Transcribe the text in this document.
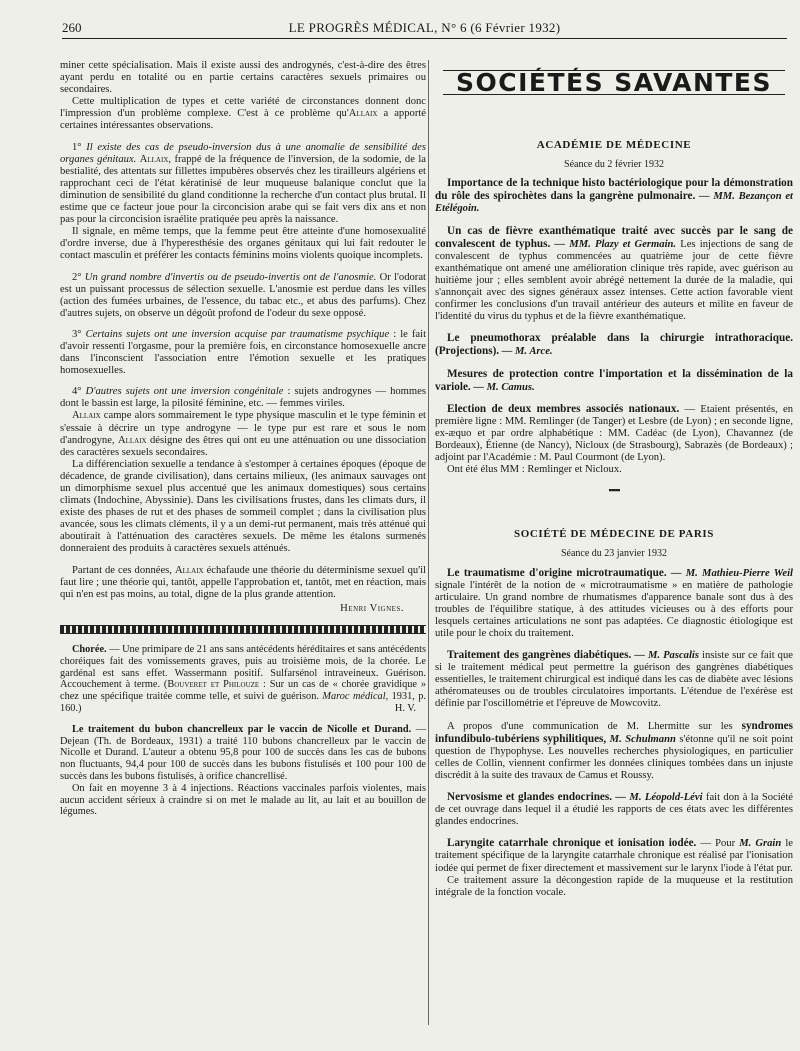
260	LE PROGRÈS MÉDICAL, N° 6 (6 Février 1932)

miner cette spécialisation. Mais il existe aussi des androgynés, c'est-à-dire des êtres ayant perdu en totalité ou en partie certains caractères sexuels primaires ou secondaires.

Cette multiplication de types et cette variété de circonstances donnent donc l'impression d'un problème complexe. C'est à ce problème qu'Allaix a apporté certaines intéressantes observations.

1° Il existe des cas de pseudo-inversion dus à une anomalie de sensibilité des organes génitaux. Allaix, frappé de la fréquence de l'inversion, de la sodomie, de la bestialité, des attentats sur fillettes impubères observés chez les tirailleurs algériens et rapprochant ceci de l'état kératinisé de leur muqueuse balanique conclut que la diminution de sensibilité du gland conditionne la recherche d'un contact plus brutal. Il estime que ce facteur joue pour la circoncision arabe qui se fait vers dix ans et non pas pour la circoncision israélite pratiquée peu après la naissance.

Il signale, en même temps, que la femme peut être atteinte d'une homosexualité d'ordre inverse, due à l'hyperesthésie des organes génitaux qui lui fait redouter le contact masculin et préférer les contacts féminins moins violents quoique incomplets.

2° Un grand nombre d'invertis ou de pseudo-invertis ont de l'anosmie. Or l'odorat est un puissant processus de sélection sexuelle. L'anosmie est perdue dans les villes (action des fumées urbaines, de l'essence, du tabac etc., et abus des parfums). Chez d'autres sujets, on observe un dégoût profond de l'odeur du sexe opposé.

3° Certains sujets ont une inversion acquise par traumatisme psychique : le fait d'avoir ressenti l'orgasme, pour la première fois, en circonstance homosexuelle ancre dans l'inconscient l'association entre l'émotion sexuelle et les pratiques homosexuelles.

4° D'autres sujets ont une inversion congénitale : sujets androgynes — hommes dont le bassin est large, la pilosité féminine, etc. — femmes viriles.

Allaix campe alors sommairement le type physique masculin et le type féminin et s'essaie à décrire un type androgyne — le type pur est rare et sous le nom d'androgyne, Allaix désigne des êtres qui ont eu une atténuation ou une dissociation des caractères sexuels secondaires.

La différenciation sexuelle a tendance à s'estomper à certaines époques (époque de décadence, de grande civilisation), dans certains milieux, (les animaux sauvages ont un dimorphisme sexuel plus accentué que les animaux domestiques) sous certains climats (Indochine, Abyssinie). Dans les civilisations frustes, dans les climats durs, il existe des phases de rut et des phases de sommeil complet ; dans la civilisation plus avancée, sous les climats cléments, il y a un demi-rut permanent, mais très atténué qui aboutirait à l'atténuation des caractères sexuels. De même les étalons surmenés donneraient des produits à caractères sexuels atténués.

Partant de ces données, Allaix échafaude une théorie du déterminisme sexuel qu'il faut lire ; une théorie qui, tantôt, appelle l'approbation et, tantôt, met en réaction, mais qui n'en est pas moins, au total, digne de la plus grande attention.

Henri Vignes.

Chorée. — Une primipare de 21 ans sans antécédents héréditaires et sans antécédents choréiques fait des vomissements graves, puis au troisième mois, de la chorée. Le gardénal est sans effet. Wassermann positif. Sulfarsénol intraveineux. Guérison. Accouchement à terme. (Bouveret et Philouze : Sur un cas de « chorée gravidique » chez une spécifique traitée comme telle, et suivi de guérison. Maroc médical, 1931, p. 160.)	H. V.

Le traitement du bubon chancrelleux par le vaccin de Nicolle et Durand. — Dejean (Th. de Bordeaux, 1931) a traité 110 bubons chancrelleux par le vaccin de Nicolle et Durand. L'auteur a obtenu 95,8 pour 100 de succès dans les cas de bubons non fluctuants, 94,4 pour 100 de succès dans les bubons fistulisés et 100 pour 100 de succès dans les bubons fistulisés, à orifice chancrellisé.

On fait en moyenne 3 à 4 injections. Réactions vaccinales parfois violentes, mais aucun accident sérieux à craindre si on met le malade au lit, au lait et au bouillon de légumes.

SOCIÉTÉS SAVANTES
ACADÉMIE DE MÉDECINE
Séance du 2 février 1932

Importance de la technique histo bactériologique pour la démonstration du rôle des spirochètes dans la gangrène pulmonaire. — MM. Bezançon et Etélégoin.

Un cas de fièvre exanthématique traité avec succès par le sang de convalescent de typhus. — MM. Plazy et Germain. Les injections de sang de convalescent de typhus commencées au quatrième jour de cette fièvre exanthématique ont amené une amélioration clinique très rapide, avec guérison au huitième jour ; elles semblent avoir abrégé nettement la durée de la maladie, qui s'annonçait avec des signes généraux assez intenses. Cette action favorable vient confirmer les conclusions d'un travail antérieur des auteurs et milite en faveur de l'identité du virus du typhus et de la fièvre exanthématique.

Le pneumothorax préalable dans la chirurgie intrathoracique. (Projections). — M. Arce.

Mesures de protection contre l'importation et la dissémination de la variole. — M. Camus.

Election de deux membres associés nationaux. — Etaient présentés, en première ligne : MM. Remlinger (de Tanger) et Lesbre (de Lyon) ; en seconde ligne, ex-æquo et par ordre alphabétique : MM. Cadéac (de Lyon), Chavannez (de Bordeaux), Étienne (de Nancy), Nicloux (de Strasbourg), Sabrazès (de Bordeaux) ; adjoint par l'Académie : M. Paul Courmont (de Lyon).

Ont été élus MM : Remlinger et Nicloux.

▪▪▪▪▪
SOCIÉTÉ DE MÉDECINE DE PARIS
Séance du 23 janvier 1932

Le traumatisme d'origine microtraumatique. — M. Mathieu-Pierre Weil signale l'intérêt de la notion de « microtraumatisme » en matière de pathologie articulaire. Un grand nombre de rhumatismes d'apparence banale sont dus à des troubles de l'équilibre statique, à des attitudes vicieuses ou à des efforts pour lesquels certaines articulations ne sont pas adaptées. Ce diagnostic étiologique est utile pour le choix du traitement.

Traitement des gangrènes diabétiques. — M. Pascalis insiste sur ce fait que si le traitement médical peut permettre la guérison des gangrènes diabétiques essentielles, le traitement chirurgical est indiqué dans les cas de diabète avec lésions athéromateuses ou de troubles circulatoires importants. L'étendue de l'exérèse est définie par l'oscillométrie et l'épreuve de Mowcovitz.

A propos d'une communication de M. Lhermitte sur les syndromes infundibulo-tubériens syphilitiques, M. Schulmann s'étonne qu'il ne soit point question de l'hypophyse. Les nouvelles recherches physiologiques, en particulier celles de Collin, viennent confirmer les données cliniques tombées dans un injuste discrédit à la suite des travaux de Camus et Roussy.

Nervosisme et glandes endocrines. — M. Léopold-Lévi fait don à la Société de cet ouvrage dans lequel il a étudié les rapports de ces états avec les différentes glandes endocrines.

Laryngite catarrhale chronique et ionisation iodée. — Pour M. Grain le traitement spécifique de la laryngite catarrhale chronique est réalisé par l'ionisation iodée qui permet de fixer directement et massivement sur le larynx l'iode à l'état pur.

Ce traitement assure la décongestion rapide de la muqueuse et la restitution intégrale de la fonction vocale.
